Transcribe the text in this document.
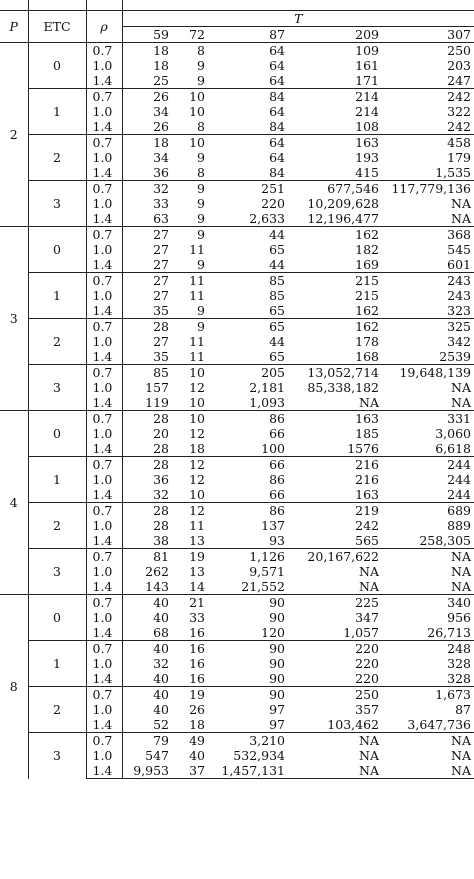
P	ETC	ρ	T				
			59	72	87	209	307
2	0	0.7	18	8	64	109	250
		1.0	18	9	64	161	203
		1.4	25	9	64	171	247
	1	0.7	26	10	84	214	242
		1.0	34	10	64	214	322
		1.4	26	8	84	108	242
	2	0.7	18	10	64	163	458
		1.0	34	9	64	193	179
		1.4	36	8	84	415	1,535
	3	0.7	32	9	251	677,546	117,779,136
		1.0	33	9	220	10,209,628	NA
		1.4	63	9	2,633	12,196,477	NA
3	0	0.7	27	9	44	162	368
		1.0	27	11	65	182	545
		1.4	27	9	44	169	601
	1	0.7	27	11	85	215	243
		1.0	27	11	85	215	243
		1.4	35	9	65	162	323
	2	0.7	28	9	65	162	325
		1.0	27	11	44	178	342
		1.4	35	11	65	168	2539
	3	0.7	85	10	205	13,052,714	19,648,139
		1.0	157	12	2,181	85,338,182	NA
		1.4	119	10	1,093	NA	NA
4	0	0.7	28	10	86	163	331
		1.0	20	12	66	185	3,060
		1.4	28	18	100	1576	6,618
	1	0.7	28	12	66	216	244
		1.0	36	12	86	216	244
		1.4	32	10	66	163	244
	2	0.7	28	12	86	219	689
		1.0	28	11	137	242	889
		1.4	38	13	93	565	258,305
	3	0.7	81	19	1,126	20,167,622	NA
		1.0	262	13	9,571	NA	NA
		1.4	143	14	21,552	NA	NA
8	0	0.7	40	21	90	225	340
		1.0	40	33	90	347	956
		1.4	68	16	120	1,057	26,713
	1	0.7	40	16	90	220	248
		1.0	32	16	90	220	328
		1.4	40	16	90	220	328
	2	0.7	40	19	90	250	1,673
		1.0	40	26	97	357	87
		1.4	52	18	97	103,462	3,647,736
	3	0.7	79	49	3,210	NA	NA
		1.0	547	40	532,934	NA	NA
		1.4	9,953	37	1,457,131	NA	NA
